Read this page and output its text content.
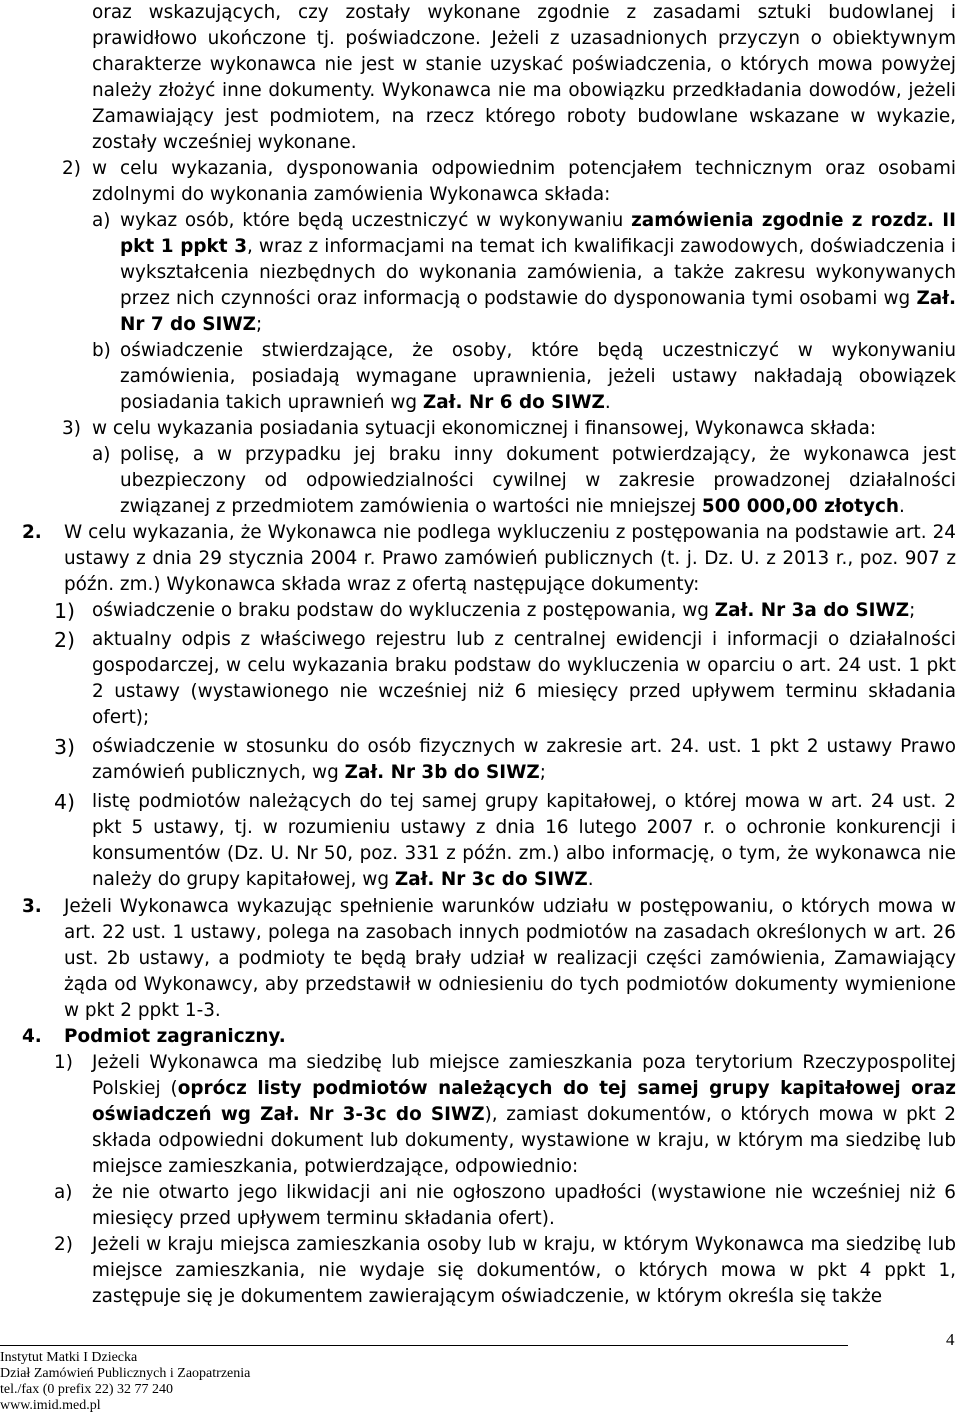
oraz wskazujących, czy zostały wykonane zgodnie z zasadami sztuki budowlanej i prawidłowo ukończone tj. poświadczone. Jeżeli z uzasadnionych przyczyn o obiektywnym charakterze wykonawca nie jest w stanie uzyskać poświadczenia, o których mowa powyżej należy złożyć inne dokumenty. Wykonawca nie ma obowiązku przedkładania dowodów, jeżeli Zamawiający jest podmiotem, na rzecz którego roboty budowlane wskazane w wykazie, zostały wcześniej wykonane.
2) w celu wykazania, dysponowania odpowiednim potencjałem technicznym oraz osobami zdolnymi do wykonania zamówienia Wykonawca składa:
a) wykaz osób, które będą uczestniczyć w wykonywaniu zamówienia zgodnie z rozdz. II pkt 1 ppkt 3, wraz z informacjami na temat ich kwalifikacji zawodowych, doświadczenia i wykształcenia niezbędnych do wykonania zamówienia, a także zakresu wykonywanych przez nich czynności oraz informacją o podstawie do dysponowania tymi osobami wg Zał. Nr 7 do SIWZ;
b) oświadczenie stwierdzające, że osoby, które będą uczestniczyć w wykonywaniu zamówienia, posiadają wymagane uprawnienia, jeżeli ustawy nakładają obowiązek posiadania takich uprawnień wg Zał. Nr 6 do SIWZ.
3) w celu wykazania posiadania sytuacji ekonomicznej i finansowej, Wykonawca składa:
a) polisę, a w przypadku jej braku inny dokument potwierdzający, że wykonawca jest ubezpieczony od odpowiedzialności cywilnej w zakresie prowadzonej działalności związanej z przedmiotem zamówienia o wartości nie mniejszej 500 000,00 złotych.
2.	W celu wykazania, że Wykonawca nie podlega wykluczeniu z postępowania na podstawie art. 24 ustawy z dnia 29 stycznia 2004 r. Prawo zamówień publicznych (t. j. Dz. U. z 2013 r., poz. 907 z późn. zm.) Wykonawca składa wraz z ofertą następujące dokumenty:
1) oświadczenie o braku podstaw do wykluczenia z postępowania, wg Zał. Nr 3a do SIWZ;
2) aktualny odpis z właściwego rejestru lub z centralnej ewidencji i informacji o działalności gospodarczej, w celu wykazania braku podstaw do wykluczenia w oparciu o art. 24 ust. 1 pkt 2 ustawy (wystawionego nie wcześniej niż 6 miesięcy przed upływem terminu składania ofert);
3) oświadczenie w stosunku do osób fizycznych w zakresie art. 24. ust. 1 pkt 2 ustawy Prawo zamówień publicznych, wg Zał. Nr 3b do SIWZ;
4) listę podmiotów należących do tej samej grupy kapitałowej, o której mowa w art. 24 ust. 2 pkt 5 ustawy, tj. w rozumieniu ustawy z dnia 16 lutego 2007 r. o ochronie konkurencji i konsumentów (Dz. U. Nr 50, poz. 331 z późn. zm.) albo informację, o tym, że wykonawca nie należy do grupy kapitałowej, wg Zał. Nr 3c do SIWZ.
3.	Jeżeli Wykonawca wykazując spełnienie warunków udziału w postępowaniu, o których mowa w art. 22 ust. 1 ustawy, polega na zasobach innych podmiotów na zasadach określonych w art. 26 ust. 2b ustawy, a podmioty te będą brały udział w realizacji części zamówienia, Zamawiający żąda od Wykonawcy, aby przedstawił w odniesieniu do tych podmiotów dokumenty wymienione w pkt 2 ppkt 1-3.
4.	Podmiot zagraniczny.
1)	Jeżeli Wykonawca ma siedzibę lub miejsce zamieszkania poza terytorium Rzeczypospolitej Polskiej (oprócz listy podmiotów należących do tej samej grupy kapitałowej oraz oświadczeń wg Zał. Nr 3-3c do SIWZ), zamiast dokumentów, o których mowa w pkt 2 składa odpowiedni dokument lub dokumenty, wystawione w kraju, w którym ma siedzibę lub miejsce zamieszkania, potwierdzające, odpowiednio:
a)	że nie otwarto jego likwidacji ani nie ogłoszono upadłości (wystawione nie wcześniej niż 6 miesięcy przed upływem terminu składania ofert).
2)	Jeżeli w kraju miejsca zamieszkania osoby lub w kraju, w którym Wykonawca ma siedzibę lub miejsce zamieszkania, nie wydaje się dokumentów, o których mowa w pkt 4 ppkt 1, zastępuje się je dokumentem zawierającym oświadczenie, w którym określa się także
4
Instytut Matki I Dziecka
Dział Zamówień Publicznych i Zaopatrzenia
tel./fax (0 prefix 22) 32 77 240
www.imid.med.pl
